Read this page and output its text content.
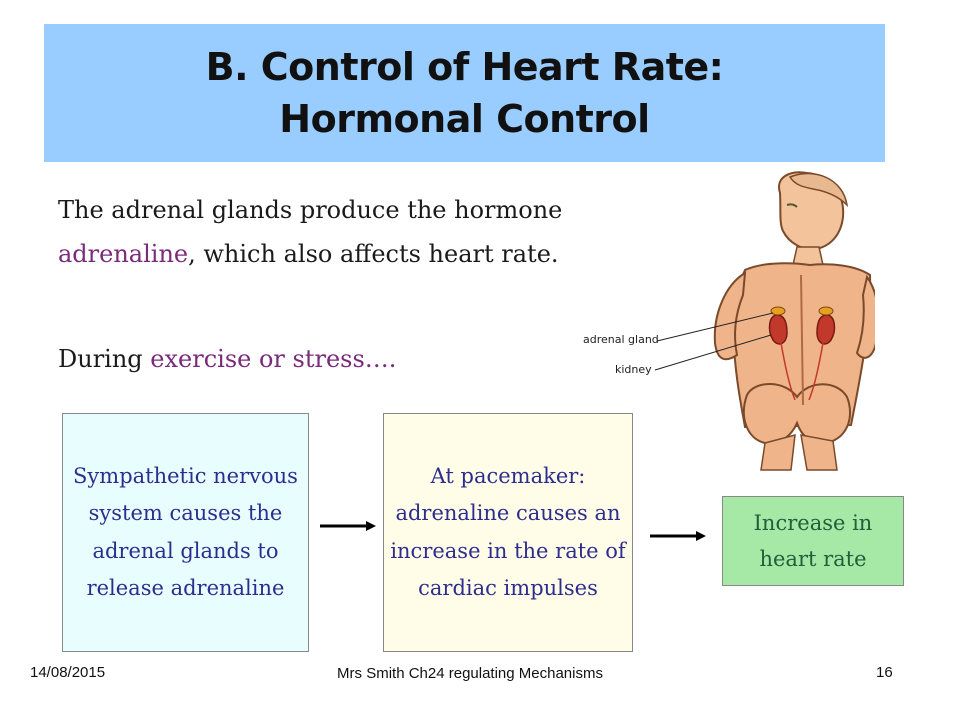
B. Control of Heart Rate:
Hormonal Control
The adrenal glands produce the hormone adrenaline, which also affects heart rate.
During exercise or stress….
adrenal gland
kidney
Sympathetic nervous system causes the adrenal glands to release adrenaline
At pacemaker: adrenaline causes an increase in the rate of cardiac impulses
Increase in heart rate
14/08/2015	Mrs Smith Ch24 regulating Mechanisms	16
